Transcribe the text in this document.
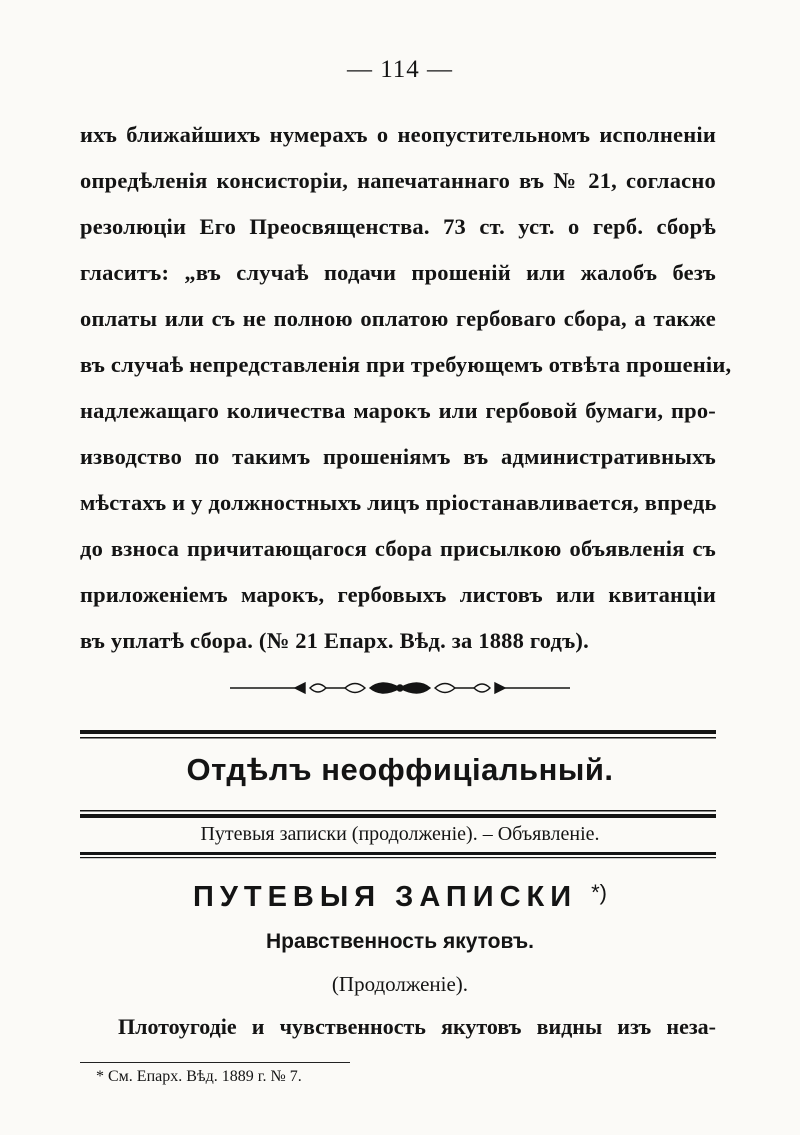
— 114 —
ихъ ближайшихъ нумерахъ о неопустительномъ исполненiи
опредѣленiя консисторiи, напечатаннаго въ № 21, согласно
резолюцiи Его Преосвященства. 73 ст. уст. о герб. сборѣ
гласитъ: „въ случаѣ подачи прошенiй или жалобъ безъ
оплаты или съ не полною оплатою гербоваго сбора, а также
въ случаѣ непредставленiя при требующемъ отвѣта прошенiи,
надлежащаго количества марокъ или гербовой бумаги, про-
изводство по такимъ прошенiямъ въ административныхъ
мѣстахъ и у должностныхъ лицъ прiостанавливается, впредь
до взноса причитающагося сбора присылкою объявленiя съ
приложенiемъ марокъ, гербовыхъ листовъ или квитанцiи
въ уплатѣ сбора. (№ 21 Епарх. Вѣд. за 1888 годъ).
Отдѣлъ неоффицiальный.
Путевыя записки (продолженiе). – Объявленiе.
ПУТЕВЫЯ ЗАПИСКИ *)
Нравственность якутовъ.
(Продолженiе).
Плотоугодiе и чувственность якутовъ видны изъ неза-
* См. Епарх. Вѣд. 1889 г. № 7.
